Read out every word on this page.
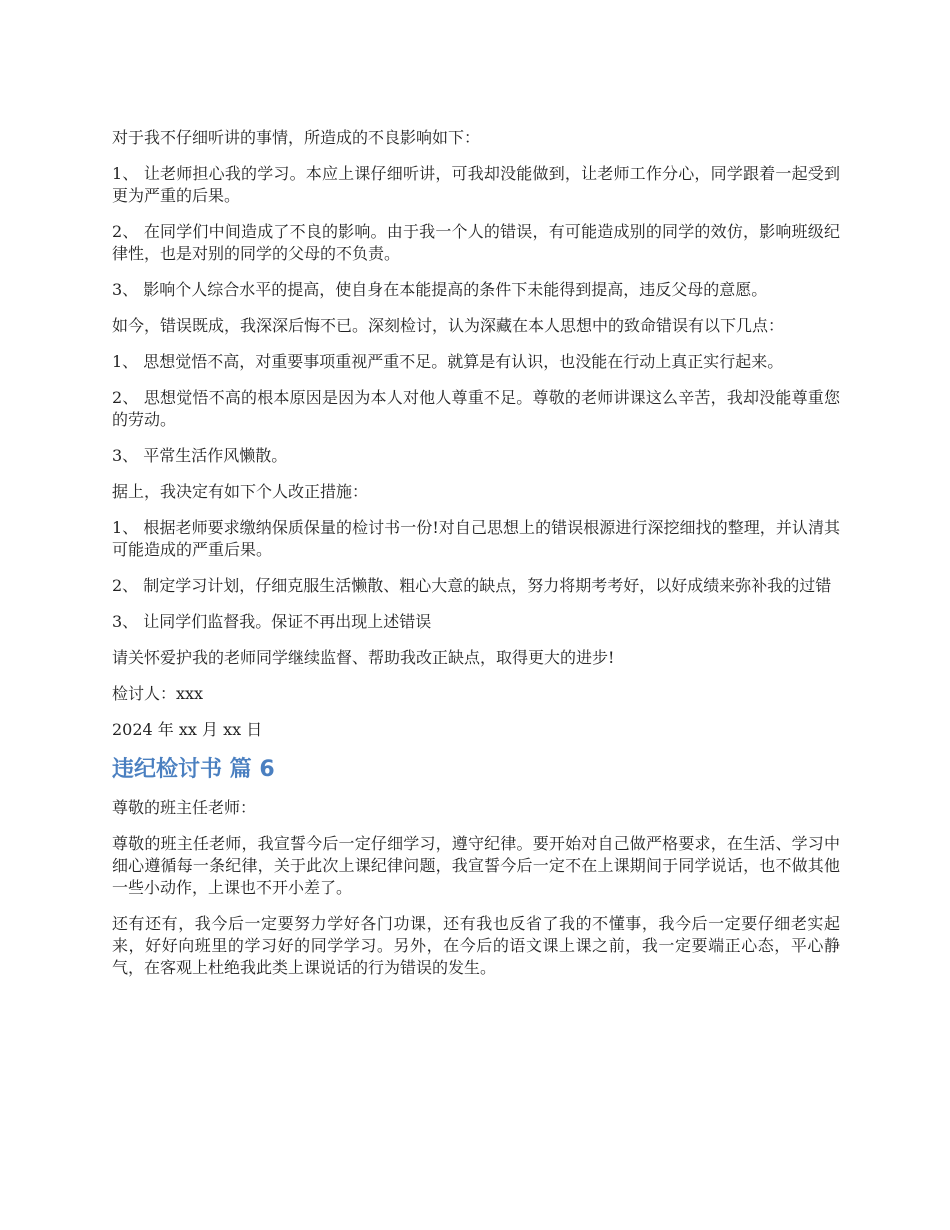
对于我不仔细听讲的事情，所造成的不良影响如下：

1、 让老师担心我的学习。本应上课仔细听讲，可我却没能做到，让老师工作分心，同学跟着一起受到更为严重的后果。

2、 在同学们中间造成了不良的影响。由于我一个人的错误，有可能造成别的同学的效仿，影响班级纪律性，也是对别的同学的父母的不负责。

3、 影响个人综合水平的提高，使自身在本能提高的条件下未能得到提高，违反父母的意愿。

如今，错误既成，我深深后悔不已。深刻检讨，认为深藏在本人思想中的致命错误有以下几点：

1、 思想觉悟不高，对重要事项重视严重不足。就算是有认识，也没能在行动上真正实行起来。

2、 思想觉悟不高的根本原因是因为本人对他人尊重不足。尊敬的老师讲课这么辛苦，我却没能尊重您的劳动。

3、 平常生活作风懒散。

据上，我决定有如下个人改正措施：

1、 根据老师要求缴纳保质保量的检讨书一份!对自己思想上的错误根源进行深挖细找的整理，并认清其可能造成的严重后果。

2、 制定学习计划，仔细克服生活懒散、粗心大意的缺点，努力将期考考好，以好成绩来弥补我的过错

3、 让同学们监督我。保证不再出现上述错误

请关怀爱护我的老师同学继续监督、帮助我改正缺点，取得更大的进步!

检讨人：xxx

2024 年 xx 月 xx 日

违纪检讨书 篇 6

尊敬的班主任老师：

尊敬的班主任老师，我宣誓今后一定仔细学习，遵守纪律。要开始对自己做严格要求，在生活、学习中细心遵循每一条纪律，关于此次上课纪律问题，我宣誓今后一定不在上课期间于同学说话，也不做其他一些小动作，上课也不开小差了。

还有还有，我今后一定要努力学好各门功课，还有我也反省了我的不懂事，我今后一定要仔细老实起来，好好向班里的学习好的同学学习。另外，在今后的语文课上课之前，我一定要端正心态，平心静气，在客观上杜绝我此类上课说话的行为错误的发生。
